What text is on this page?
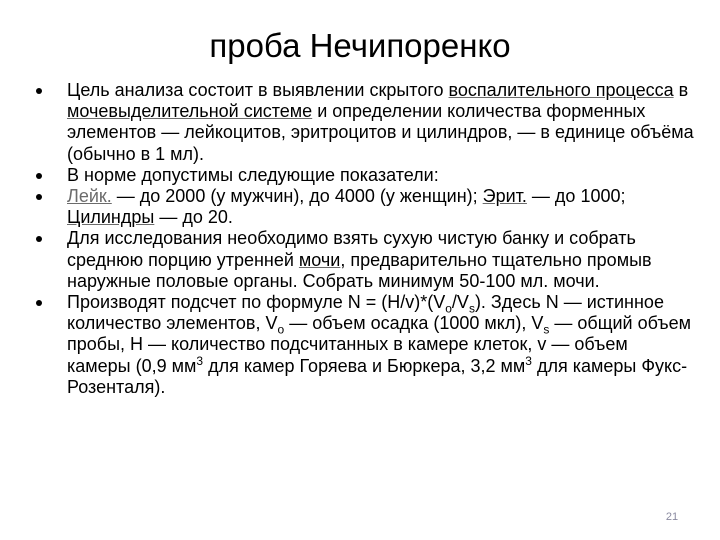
проба Нечипоренко
Цель анализа состоит в выявлении скрытого воспалительного процесса в мочевыделительной системе и определении количества форменных элементов — лейкоцитов, эритроцитов и цилиндров, — в единице объёма (обычно в 1 мл).
В норме допустимы следующие показатели:
Лейк. — до 2000 (у мужчин), до 4000 (у женщин); Эрит. — до 1000; Цилиндры — до 20.
Для исследования необходимо взять сухую чистую банку и собрать среднюю порцию утренней мочи, предварительно тщательно промыв наружные половые органы. Собрать минимум 50-100 мл. мочи.
Производят подсчет по формуле $N = (H/v)*(V_o/V_s)$. Здесь N — истинное количество элементов, $V_o$ — объем осадка (1000 мкл), $V_s$ — общий объем пробы, H — количество подсчитанных в камере клеток, v — объем камеры (0,9 $мм^3$ для камер Горяева и Бюркера, 3,2 $мм^3$ для камеры Фукс-Розенталя).
21
